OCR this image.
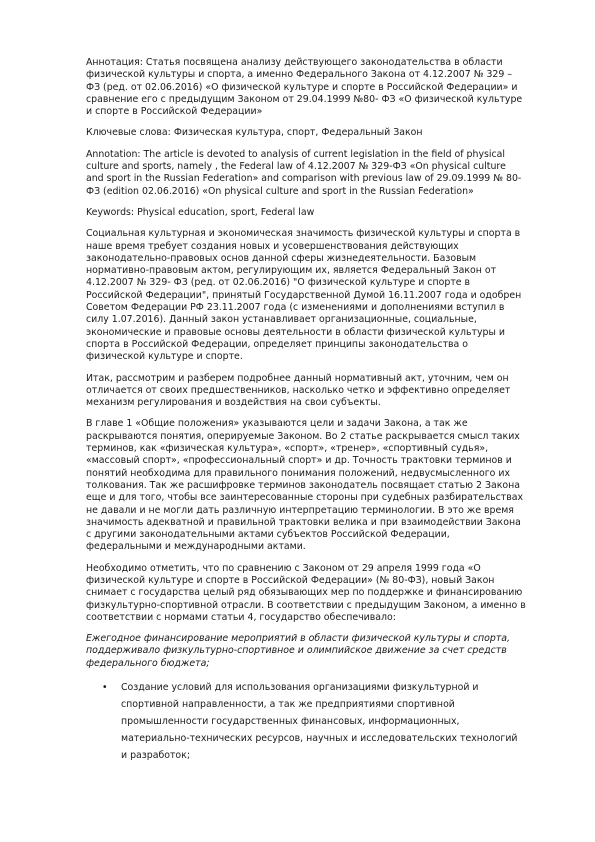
Аннотация: Статья посвящена анализу действующего законодательства в области физической культуры и спорта, а именно Федерального Закона от 4.12.2007 № 329 –ФЗ (ред. от 02.06.2016) «О физической культуре и спорте в Российской Федерации» и сравнение его с предыдущим Законом от 29.04.1999 №80- ФЗ «О физической культуре и спорте в Российской Федерации»

Ключевые слова: Физическая культура, спорт, Федеральный Закон

Annotation: The article is devoted to analysis of current legislation in the field of physical culture and sports, namely , the Federal law of 4.12.2007 № 329-ФЗ «On physical culture and sport in the Russian Federation» and comparison with previous law of 29.09.1999 № 80-ФЗ (edition 02.06.2016) «On physical culture and sport in the Russian Federation»

Keywords: Physical education, sport, Federal law

Социальная культурная и экономическая значимость физической культуры и спорта в наше время требует создания новых и усовершенствования действующих законодательно-правовых основ данной сферы жизнедеятельности. Базовым нормативно-правовым актом, регулирующим их, является Федеральный Закон от 4.12.2007 № 329- ФЗ (ред. от 02.06.2016) "О физической культуре и спорте в Российской Федерации", принятый Государственной Думой 16.11.2007 года и одобрен Советом Федерации РФ 23.11.2007 года (с изменениями и дополнениями вступил в силу 1.07.2016). Данный закон устанавливает организационные, социальные, экономические и правовые основы деятельности в области физической культуры и спорта в Российской Федерации, определяет принципы законодательства о физической культуре и спорте.

Итак, рассмотрим и разберем подробнее данный нормативный акт, уточним, чем он отличается от своих предшественников, насколько четко и эффективно определяет механизм регулирования и воздействия на свои субъекты.

В главе 1 «Общие положения» указываются цели и задачи Закона, а так же раскрываются понятия, оперируемые Законом. Во 2 статье раскрывается смысл таких терминов, как «физическая культура», «спорт», «тренер», «спортивный судья», «массовый спорт», «профессиональный спорт» и др. Точность трактовки терминов и понятий необходима для правильного понимания положений, недвусмысленного их толкования. Так же расшифровке терминов законодатель посвящает статью 2 Закона еще и для того, чтобы все заинтересованные стороны при судебных разбирательствах не давали и не могли дать различную интерпретацию терминологии. В это же время значимость адекватной и правильной трактовки велика и при взаимодействии Закона с другими законодательными актами субъектов Российской Федерации, федеральными и международными актами.

Необходимо отметить, что по сравнению с Законом от 29 апреля 1999 года «О физической культуре и спорте в Российской Федерации» (№ 80-ФЗ), новый Закон снимает с государства целый ряд обязывающих мер по поддержке и финансированию физкультурно-спортивной отрасли. В соответствии с предыдущим Законом, а именно в соответствии с нормами статьи 4, государство обеспечивало:

Ежегодное финансирование мероприятий в области физической культуры и спорта, поддерживало физкультурно-спортивное и олимпийское движение за счет средств федерального бюджета;

• Создание условий для использования организациями физкультурной и спортивной направленности, а так же предприятиями спортивной промышленности государственных финансовых, информационных, материально-технических ресурсов, научных и исследовательских технологий и разработок;
